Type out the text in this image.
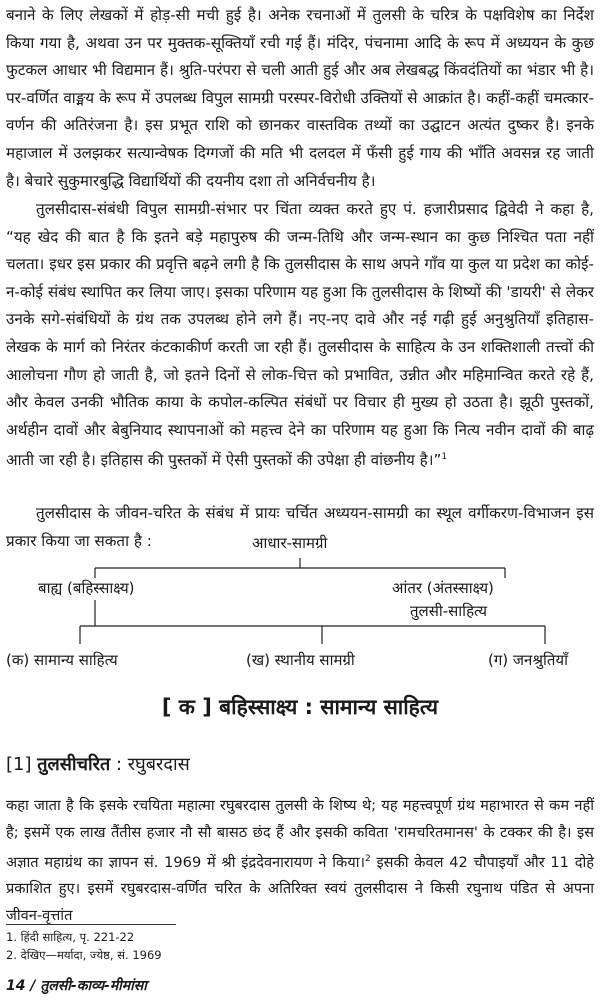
बनाने के लिए लेखकों में होड़-सी मची हुई है। अनेक रचनाओं में तुलसी के चरित्र के पक्षविशेष का निर्देश किया गया है, अथवा उन पर मुक्तक-सूक्तियाँ रची गई हैं। मंदिर, पंचनामा आदि के रूप में अध्ययन के कुछ फुटकल आधार भी विद्यमान हैं। श्रुति-परंपरा से चली आती हुई और अब लेखबद्ध किंवदंतियों का भंडार भी है। पर-वर्णित वाङ्मय के रूप में उपलब्ध विपुल सामग्री परस्पर-विरोधी उक्तियों से आक्रांत है। कहीं-कहीं चमत्कार-वर्णन की अतिरंजना है। इस प्रभूत राशि को छानकर वास्तविक तथ्यों का उद्घाटन अत्यंत दुष्कर है। इनके महाजाल में उलझकर सत्यान्वेषक दिग्गजों की मति भी दलदल में फँसी हुई गाय की भाँति अवसन्न रह जाती है। बेचारे सुकुमारबुद्धि विद्यार्थियों की दयनीय दशा तो अनिर्वचनीय है।

तुलसीदास-संबंधी विपुल सामग्री-संभार पर चिंता व्यक्त करते हुए पं. हजारीप्रसाद द्विवेदी ने कहा है, “यह खेद की बात है कि इतने बड़े महापुरुष की जन्म-तिथि और जन्म-स्थान का कुछ निश्चित पता नहीं चलता। इधर इस प्रकार की प्रवृत्ति बढ़ने लगी है कि तुलसीदास के साथ अपने गाँव या कुल या प्रदेश का कोई-न-कोई संबंध स्थापित कर लिया जाए। इसका परिणाम यह हुआ कि तुलसीदास के शिष्यों की 'डायरी' से लेकर उनके सगे-संबंधियों के ग्रंथ तक उपलब्ध होने लगे हैं। नए-नए दावे और नई गढ़ी हुई अनुश्रुतियाँ इतिहास-लेखक के मार्ग को निरंतर कंटकाकीर्ण करती जा रही हैं। तुलसीदास के साहित्य के उन शक्तिशाली तत्त्वों की आलोचना गौण हो जाती है, जो इतने दिनों से लोक-चित्त को प्रभावित, उन्नीत और महिमान्वित करते रहे हैं, और केवल उनकी भौतिक काया के कपोल-कल्पित संबंधों पर विचार ही मुख्य हो उठता है। झूठी पुस्तकों, अर्थहीन दावों और बेबुनियाद स्थापनाओं को महत्त्व देने का परिणाम यह हुआ कि नित्य नवीन दावों की बाढ़ आती जा रही है। इतिहास की पुस्तकों में ऐसी पुस्तकों की उपेक्षा ही वांछनीय है।”$^1$

तुलसीदास के जीवन-चरित के संबंध में प्रायः चर्चित अध्ययन-सामग्री का स्थूल वर्गीकरण-विभाजन इस प्रकार किया जा सकता है :	आधार-सामग्री
बाह्य (बहिस्साक्ष्य)	आंतर (अंतस्साक्ष्य)
तुलसी-साहित्य
(क) सामान्य साहित्य	(ख) स्थानीय सामग्री	(ग) जनश्रुतियाँ
[ क ] बहिस्साक्ष्य : सामान्य साहित्य
[1] तुलसीचरित : रघुबरदास

कहा जाता है कि इसके रचयिता महात्मा रघुबरदास तुलसी के शिष्य थे; यह महत्त्वपूर्ण ग्रंथ महाभारत से कम नहीं है; इसमें एक लाख तैंतीस हजार नौ सौ बासठ छंद हैं और इसकी कविता 'रामचरितमानस' के टक्कर की है। इस अज्ञात महाग्रंथ का ज्ञापन सं. 1969 में श्री इंद्रदेवनारायण ने किया।$^2$ इसकी केवल 42 चौपाइयाँ और 11 दोहे प्रकाशित हुए। इसमें रघुबरदास-वर्णित चरित के अतिरिक्त स्वयं तुलसीदास ने किसी रघुनाथ पंडित से अपना जीवन-वृत्तांत

1. हिंदी साहित्य, पृ. 221-22
2. देखिए—मर्यादा, ज्येष्ठ, सं. 1969
14 / तुलसी-काव्य-मीमांसा
